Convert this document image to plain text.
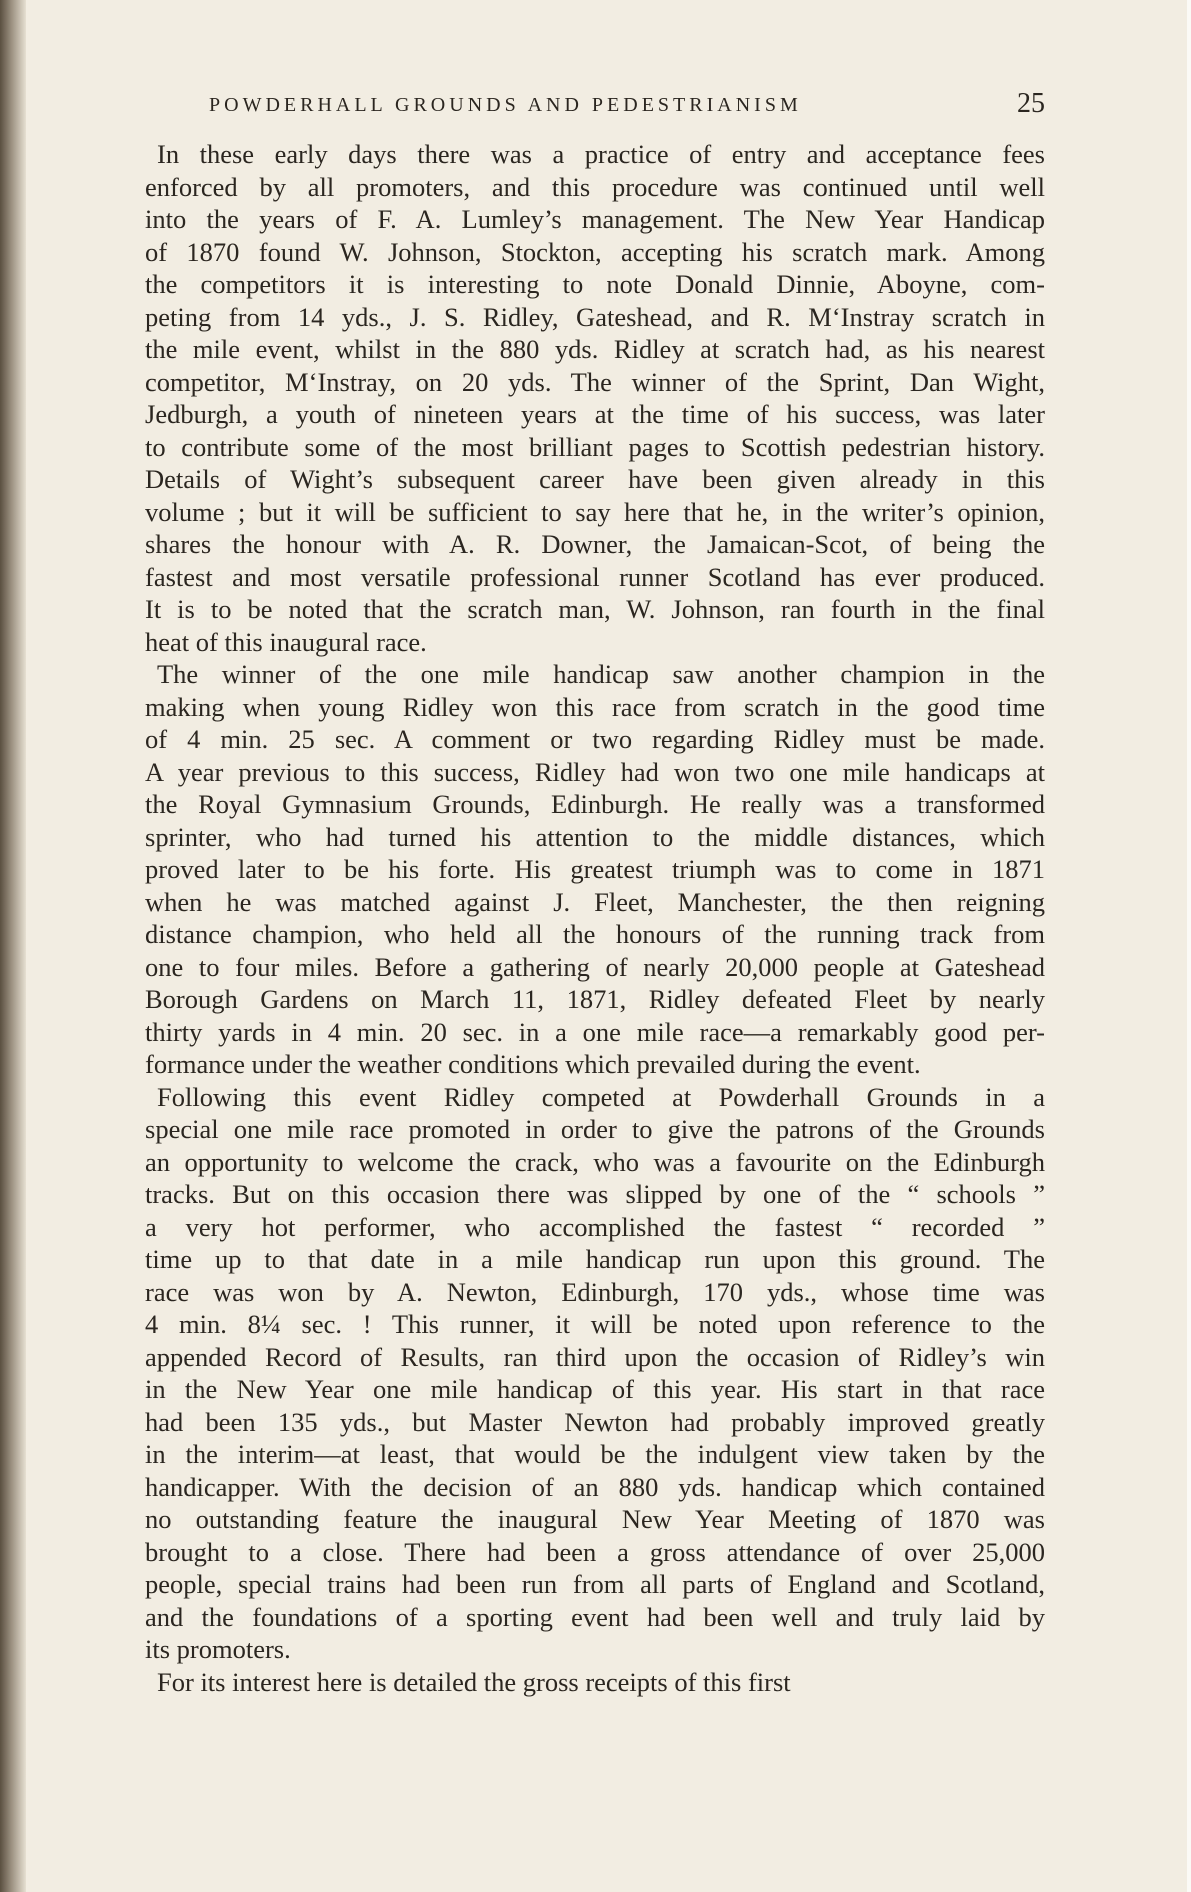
POWDERHALL GROUNDS AND PEDESTRIANISM	25
In these early days there was a practice of entry and acceptance fees
enforced by all promoters, and this procedure was continued until well
into the years of F. A. Lumley’s management. The New Year Handicap
of 1870 found W. Johnson, Stockton, accepting his scratch mark. Among
the competitors it is interesting to note Donald Dinnie, Aboyne, com-
peting from 14 yds., J. S. Ridley, Gateshead, and R. M‘Instray scratch in
the mile event, whilst in the 880 yds. Ridley at scratch had, as his nearest
competitor, M‘Instray, on 20 yds. The winner of the Sprint, Dan Wight,
Jedburgh, a youth of nineteen years at the time of his success, was later
to contribute some of the most brilliant pages to Scottish pedestrian history.
Details of Wight’s subsequent career have been given already in this
volume ; but it will be sufficient to say here that he, in the writer’s opinion,
shares the honour with A. R. Downer, the Jamaican-Scot, of being the
fastest and most versatile professional runner Scotland has ever produced.
It is to be noted that the scratch man, W. Johnson, ran fourth in the final
heat of this inaugural race.
The winner of the one mile handicap saw another champion in the
making when young Ridley won this race from scratch in the good time
of 4 min. 25 sec. A comment or two regarding Ridley must be made.
A year previous to this success, Ridley had won two one mile handicaps at
the Royal Gymnasium Grounds, Edinburgh. He really was a transformed
sprinter, who had turned his attention to the middle distances, which
proved later to be his forte. His greatest triumph was to come in 1871
when he was matched against J. Fleet, Manchester, the then reigning
distance champion, who held all the honours of the running track from
one to four miles. Before a gathering of nearly 20,000 people at Gateshead
Borough Gardens on March 11, 1871, Ridley defeated Fleet by nearly
thirty yards in 4 min. 20 sec. in a one mile race—a remarkably good per-
formance under the weather conditions which prevailed during the event.
Following this event Ridley competed at Powderhall Grounds in a
special one mile race promoted in order to give the patrons of the Grounds
an opportunity to welcome the crack, who was a favourite on the Edinburgh
tracks. But on this occasion there was slipped by one of the “ schools ”
a very hot performer, who accomplished the fastest “ recorded ”
time up to that date in a mile handicap run upon this ground. The
race was won by A. Newton, Edinburgh, 170 yds., whose time was
4 min. 8¼ sec. ! This runner, it will be noted upon reference to the
appended Record of Results, ran third upon the occasion of Ridley’s win
in the New Year one mile handicap of this year. His start in that race
had been 135 yds., but Master Newton had probably improved greatly
in the interim—at least, that would be the indulgent view taken by the
handicapper. With the decision of an 880 yds. handicap which contained
no outstanding feature the inaugural New Year Meeting of 1870 was
brought to a close. There had been a gross attendance of over 25,000
people, special trains had been run from all parts of England and Scotland,
and the foundations of a sporting event had been well and truly laid by
its promoters.
For its interest here is detailed the gross receipts of this first
